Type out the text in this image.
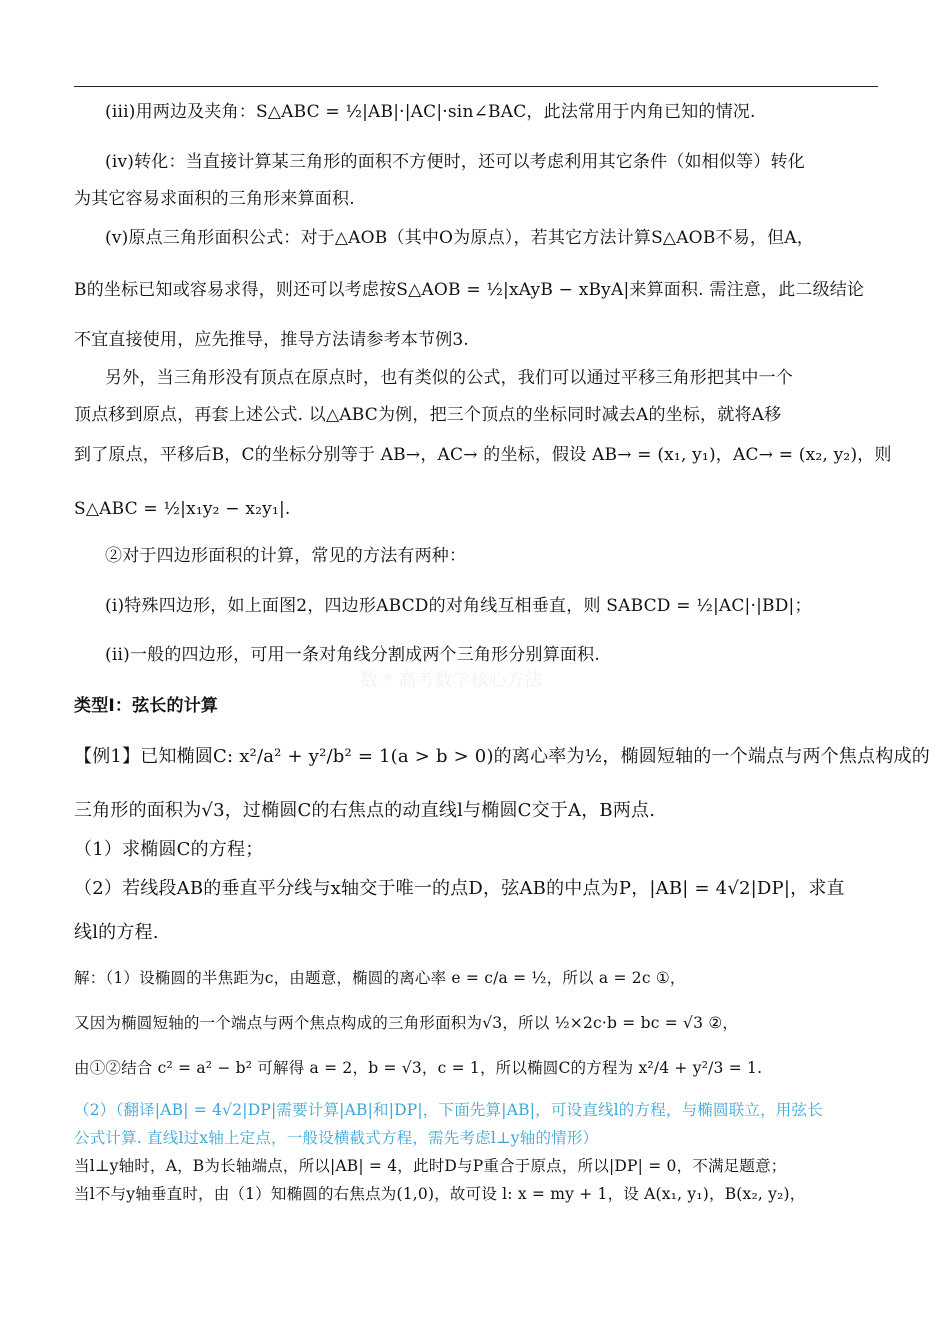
数 * 高考数学核心方法
(iii)用两边及夹角：S△ABC = ½|AB|·|AC|·sin∠BAC，此法常用于内角已知的情况.
(iv)转化：当直接计算某三角形的面积不方便时，还可以考虑利用其它条件（如相似等）转化
为其它容易求面积的三角形来算面积.
(v)原点三角形面积公式：对于△AOB（其中O为原点），若其它方法计算S△AOB不易，但A，
B的坐标已知或容易求得，则还可以考虑按S△AOB = ½|xAyB − xByA|来算面积. 需注意，此二级结论
不宜直接使用，应先推导，推导方法请参考本节例3.
另外，当三角形没有顶点在原点时，也有类似的公式，我们可以通过平移三角形把其中一个
顶点移到原点，再套上述公式. 以△ABC为例，把三个顶点的坐标同时减去A的坐标，就将A移
到了原点，平移后B，C的坐标分别等于 AB→，AC→ 的坐标，假设 AB→ = (x₁, y₁)，AC→ = (x₂, y₂)，则
S△ABC = ½|x₁y₂ − x₂y₁|.
②对于四边形面积的计算，常见的方法有两种：
(i)特殊四边形，如上面图2，四边形ABCD的对角线互相垂直，则 SABCD = ½|AC|·|BD|；
(ii)一般的四边形，可用一条对角线分割成两个三角形分别算面积.
类型Ⅰ：弦长的计算
【例1】已知椭圆C: x²/a² + y²/b² = 1(a > b > 0)的离心率为½，椭圆短轴的一个端点与两个焦点构成的
三角形的面积为√3，过椭圆C的右焦点的动直线l与椭圆C交于A，B两点.
（1）求椭圆C的方程；
（2）若线段AB的垂直平分线与x轴交于唯一的点D，弦AB的中点为P，|AB| = 4√2|DP|，求直
线l的方程.
解：（1）设椭圆的半焦距为c，由题意，椭圆的离心率 e = c/a = ½，所以 a = 2c ①，
又因为椭圆短轴的一个端点与两个焦点构成的三角形面积为√3，所以 ½×2c·b = bc = √3 ②，
由①②结合 c² = a² − b² 可解得 a = 2，b = √3，c = 1，所以椭圆C的方程为 x²/4 + y²/3 = 1.
（2）（翻译|AB| = 4√2|DP|需要计算|AB|和|DP|，下面先算|AB|，可设直线l的方程，与椭圆联立，用弦长
公式计算. 直线l过x轴上定点，一般设横截式方程，需先考虑l⊥y轴的情形）
当l⊥y轴时，A，B为长轴端点，所以|AB| = 4，此时D与P重合于原点，所以|DP| = 0，不满足题意；
当l不与y轴垂直时，由（1）知椭圆的右焦点为(1,0)，故可设 l: x = my + 1，设 A(x₁, y₁)，B(x₂, y₂)，
